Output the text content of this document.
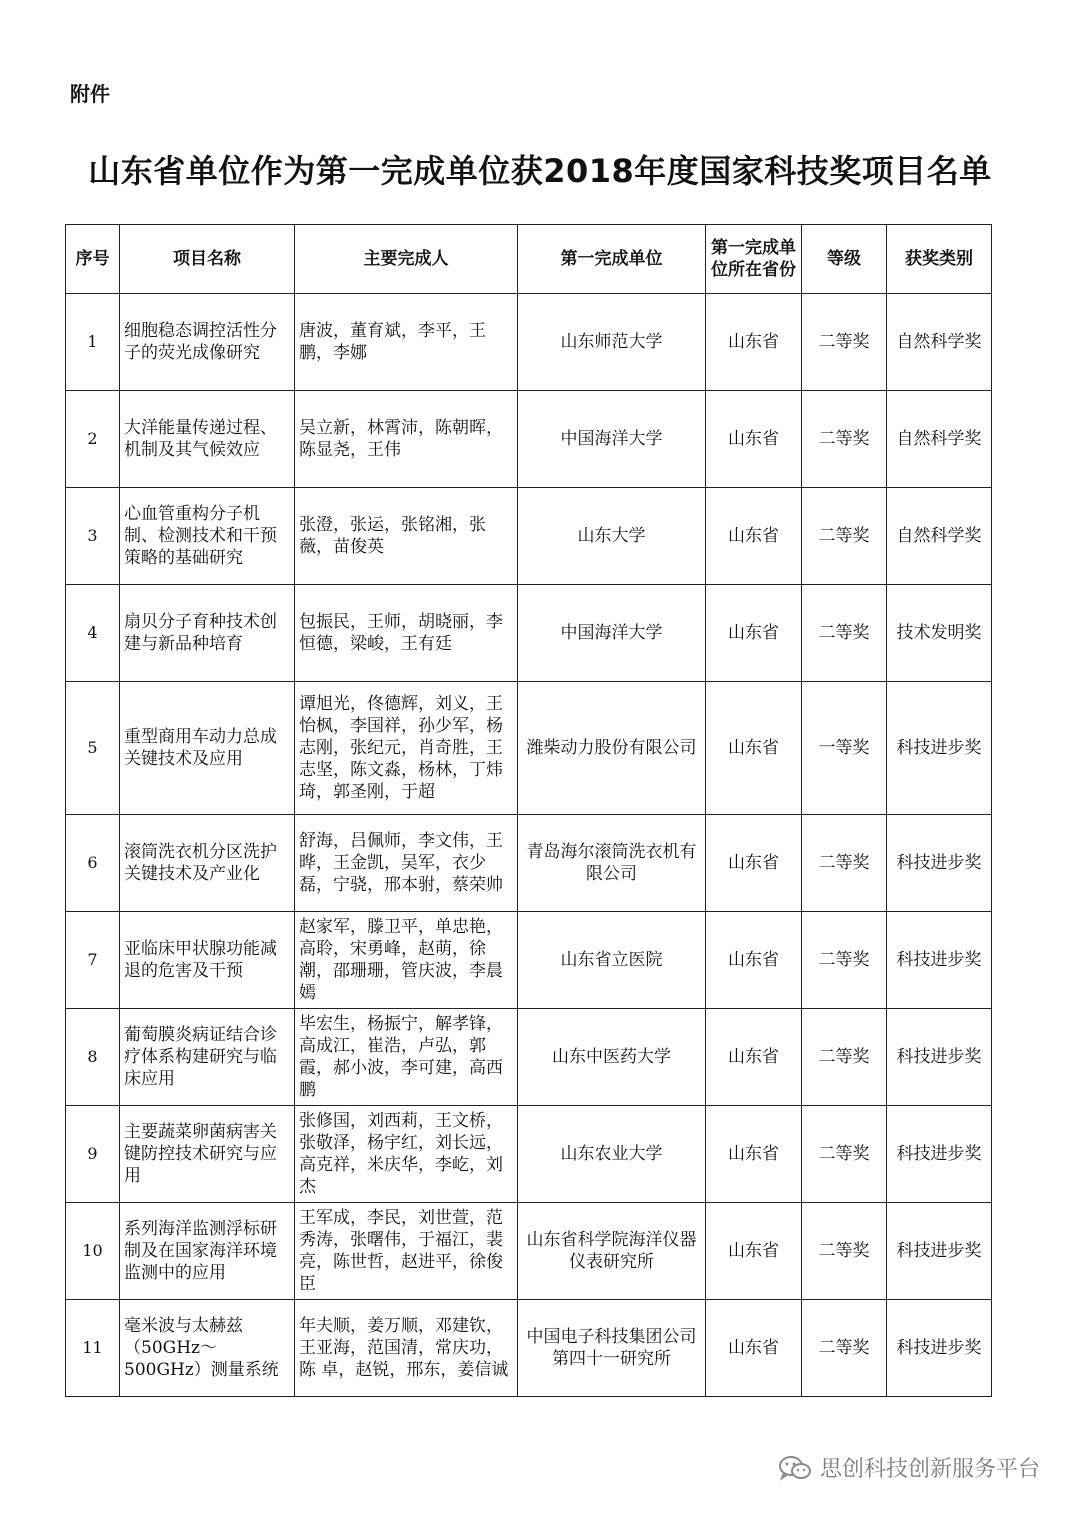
附件
山东省单位作为第一完成单位获2018年度国家科技奖项目名单
序号	项目名称	主要完成人	第一完成单位	第一完成单位所在省份	等级	获奖类别
1	细胞稳态调控活性分子的荧光成像研究	唐波，董育斌，李平，王鹏，李娜	山东师范大学	山东省	二等奖	自然科学奖
2	大洋能量传递过程、机制及其气候效应	吴立新，林霄沛，陈朝晖，陈显尧，王伟	中国海洋大学	山东省	二等奖	自然科学奖
3	心血管重构分子机制、检测技术和干预策略的基础研究	张澄，张运，张铭湘，张薇，苗俊英	山东大学	山东省	二等奖	自然科学奖
4	扇贝分子育种技术创建与新品种培育	包振民，王师，胡晓丽，李恒德，梁峻，王有廷	中国海洋大学	山东省	二等奖	技术发明奖
5	重型商用车动力总成关键技术及应用	谭旭光，佟德辉，刘义，王怡枫，李国祥，孙少军，杨志刚，张纪元，肖奇胜，王志坚，陈文淼，杨林，丁炜琦，郭圣刚，于超	潍柴动力股份有限公司	山东省	一等奖	科技进步奖
6	滚筒洗衣机分区洗护关键技术及产业化	舒海，吕佩师，李文伟，王晔，王金凯，吴军，衣少磊，宁骁，邢本驸，蔡荣帅	青岛海尔滚筒洗衣机有限公司	山东省	二等奖	科技进步奖
7	亚临床甲状腺功能减退的危害及干预	赵家军，滕卫平，单忠艳，高聆，宋勇峰，赵萌，徐潮，邵珊珊，管庆波，李晨嫣	山东省立医院	山东省	二等奖	科技进步奖
8	葡萄膜炎病证结合诊疗体系构建研究与临床应用	毕宏生，杨振宁，解孝锋，高成江，崔浩，卢弘，郭霞，郝小波，李可建，高西鹏	山东中医药大学	山东省	二等奖	科技进步奖
9	主要蔬菜卵菌病害关键防控技术研究与应用	张修国，刘西莉，王文桥，张敬泽，杨宇红，刘长远，高克祥，米庆华，李屹，刘杰	山东农业大学	山东省	二等奖	科技进步奖
10	系列海洋监测浮标研制及在国家海洋环境监测中的应用	王军成，李民，刘世萱，范秀涛，张曙伟，于福江，裴亮，陈世哲，赵进平，徐俊臣	山东省科学院海洋仪器仪表研究所	山东省	二等奖	科技进步奖
11	毫米波与太赫兹（50GHz～500GHz）测量系统	年夫顺，姜万顺，邓建钦，王亚海，范国清，常庆功，陈 卓，赵锐，邢东，姜信诚	中国电子科技集团公司第四十一研究所	山东省	二等奖	科技进步奖
思创科技创新服务平台
